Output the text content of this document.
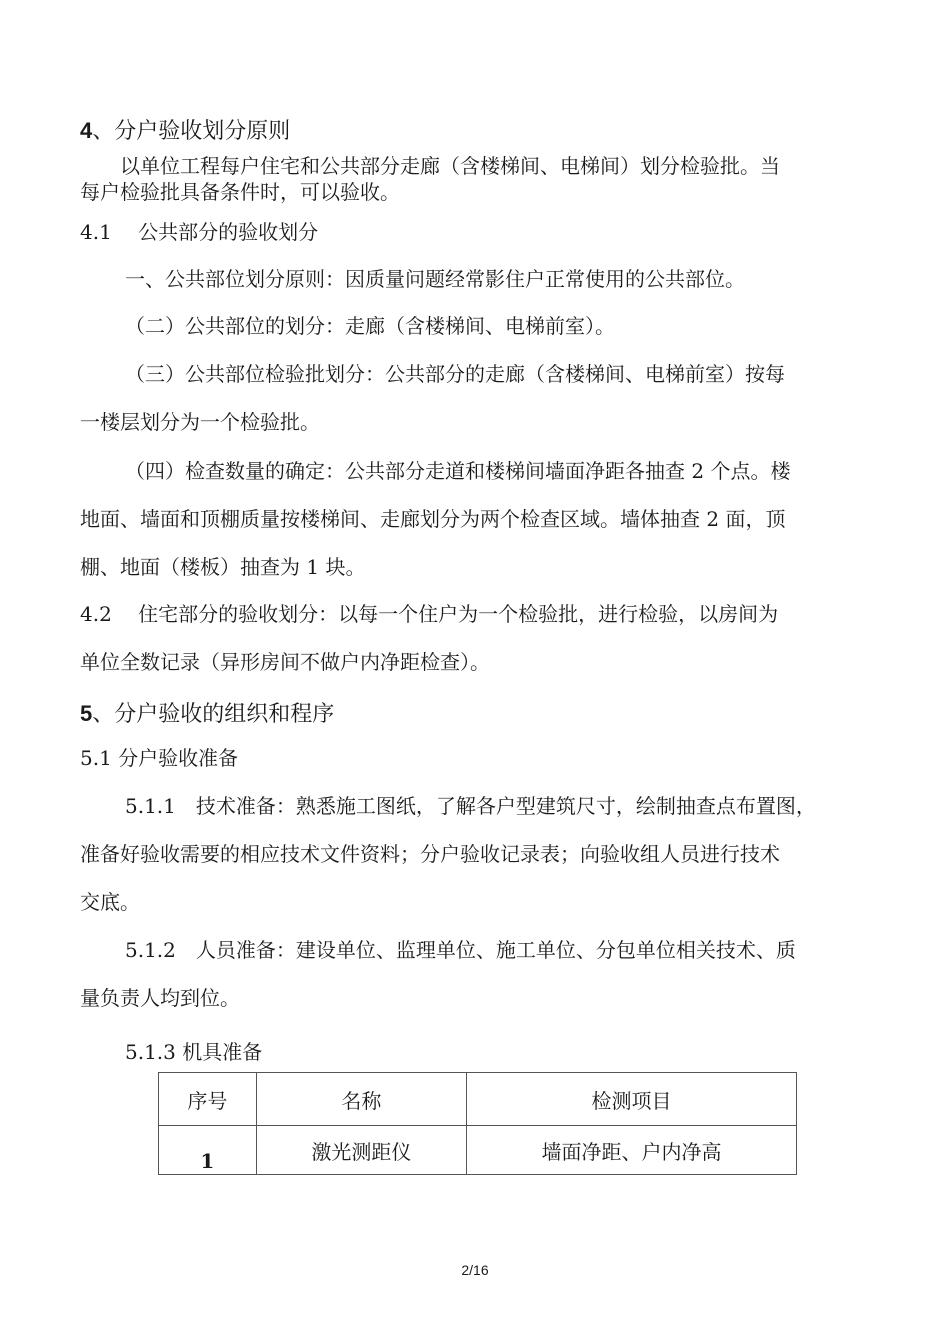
4、分户验收划分原则
以单位工程每户住宅和公共部分走廊（含楼梯间、电梯间）划分检验批。当
每户检验批具备条件时，可以验收。
4.1　 公共部分的验收划分
一、公共部位划分原则：因质量问题经常影住户正常使用的公共部位。
（二）公共部位的划分：走廊（含楼梯间、电梯前室）。
（三）公共部位检验批划分：公共部分的走廊（含楼梯间、电梯前室）按每
一楼层划分为一个检验批。
（四）检查数量的确定：公共部分走道和楼梯间墙面净距各抽查 2 个点。楼
地面、墙面和顶棚质量按楼梯间、走廊划分为两个检查区域。墙体抽查 2 面，顶
棚、地面（楼板）抽查为 1 块。
4.2　 住宅部分的验收划分：以每一个住户为一个检验批，进行检验，以房间为
单位全数记录（异形房间不做户内净距检查）。
5、分户验收的组织和程序
5.1 分户验收准备
5.1.1　技术准备：熟悉施工图纸，了解各户型建筑尺寸，绘制抽查点布置图，
准备好验收需要的相应技术文件资料；分户验收记录表；向验收组人员进行技术
交底。
5.1.2　人员准备：建设单位、监理单位、施工单位、分包单位相关技术、质
量负责人均到位。
5.1.3 机具准备
序号	名称	检测项目
1	激光测距仪	墙面净距、户内净高
2/16
